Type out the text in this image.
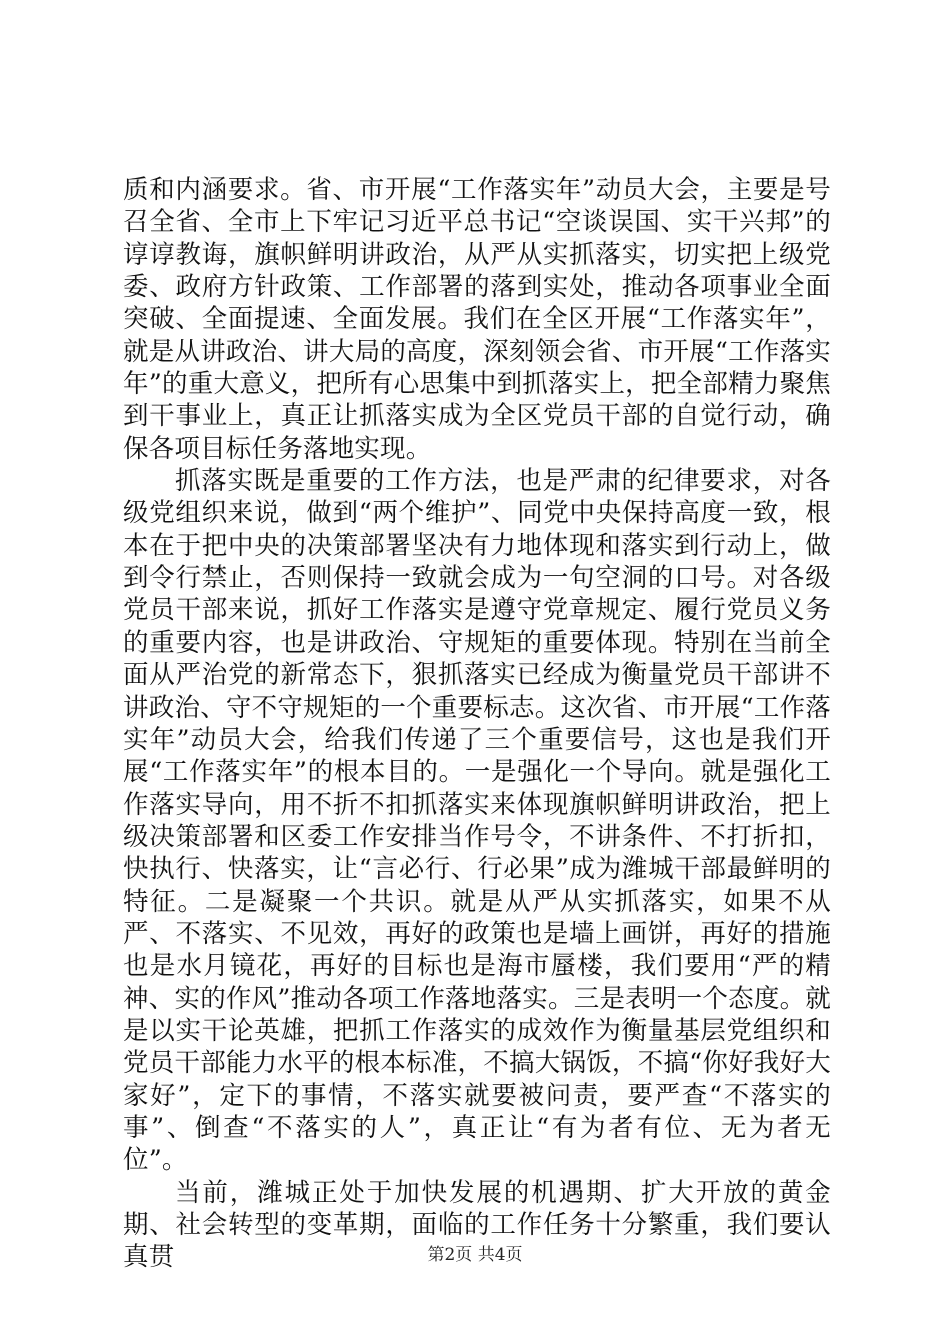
质和内涵要求。省、市开展“工作落实年”动员大会，主要是号召全省、全市上下牢记习近平总书记“空谈误国、实干兴邦”的谆谆教诲，旗帜鲜明讲政治，从严从实抓落实，切实把上级党委、政府方针政策、工作部署的落到实处，推动各项事业全面突破、全面提速、全面发展。我们在全区开展“工作落实年”，就是从讲政治、讲大局的高度，深刻领会省、市开展“工作落实年”的重大意义，把所有心思集中到抓落实上，把全部精力聚焦到干事业上，真正让抓落实成为全区党员干部的自觉行动，确保各项目标任务落地实现。

抓落实既是重要的工作方法，也是严肃的纪律要求，对各级党组织来说，做到“两个维护”、同党中央保持高度一致，根本在于把中央的决策部署坚决有力地体现和落实到行动上，做到令行禁止，否则保持一致就会成为一句空洞的口号。对各级党员干部来说，抓好工作落实是遵守党章规定、履行党员义务的重要内容，也是讲政治、守规矩的重要体现。特别在当前全面从严治党的新常态下，狠抓落实已经成为衡量党员干部讲不讲政治、守不守规矩的一个重要标志。这次省、市开展“工作落实年”动员大会，给我们传递了三个重要信号，这也是我们开展“工作落实年”的根本目的。一是强化一个导向。就是强化工作落实导向，用不折不扣抓落实来体现旗帜鲜明讲政治，把上级决策部署和区委工作安排当作号令，不讲条件、不打折扣，快执行、快落实，让“言必行、行必果”成为潍城干部最鲜明的特征。二是凝聚一个共识。就是从严从实抓落实，如果不从严、不落实、不见效，再好的政策也是墙上画饼，再好的措施也是水月镜花，再好的目标也是海市蜃楼，我们要用“严的精神、实的作风”推动各项工作落地落实。三是表明一个态度。就是以实干论英雄，把抓工作落实的成效作为衡量基层党组织和党员干部能力水平的根本标准，不搞大锅饭，不搞“你好我好大家好”，定下的事情，不落实就要被问责，要严查“不落实的事”、倒查“不落实的人”，真正让“有为者有位、无为者无位”。

当前，潍城正处于加快发展的机遇期、扩大开放的黄金期、社会转型的变革期，面临的工作任务十分繁重，我们要认真贯	第2页 共4页
